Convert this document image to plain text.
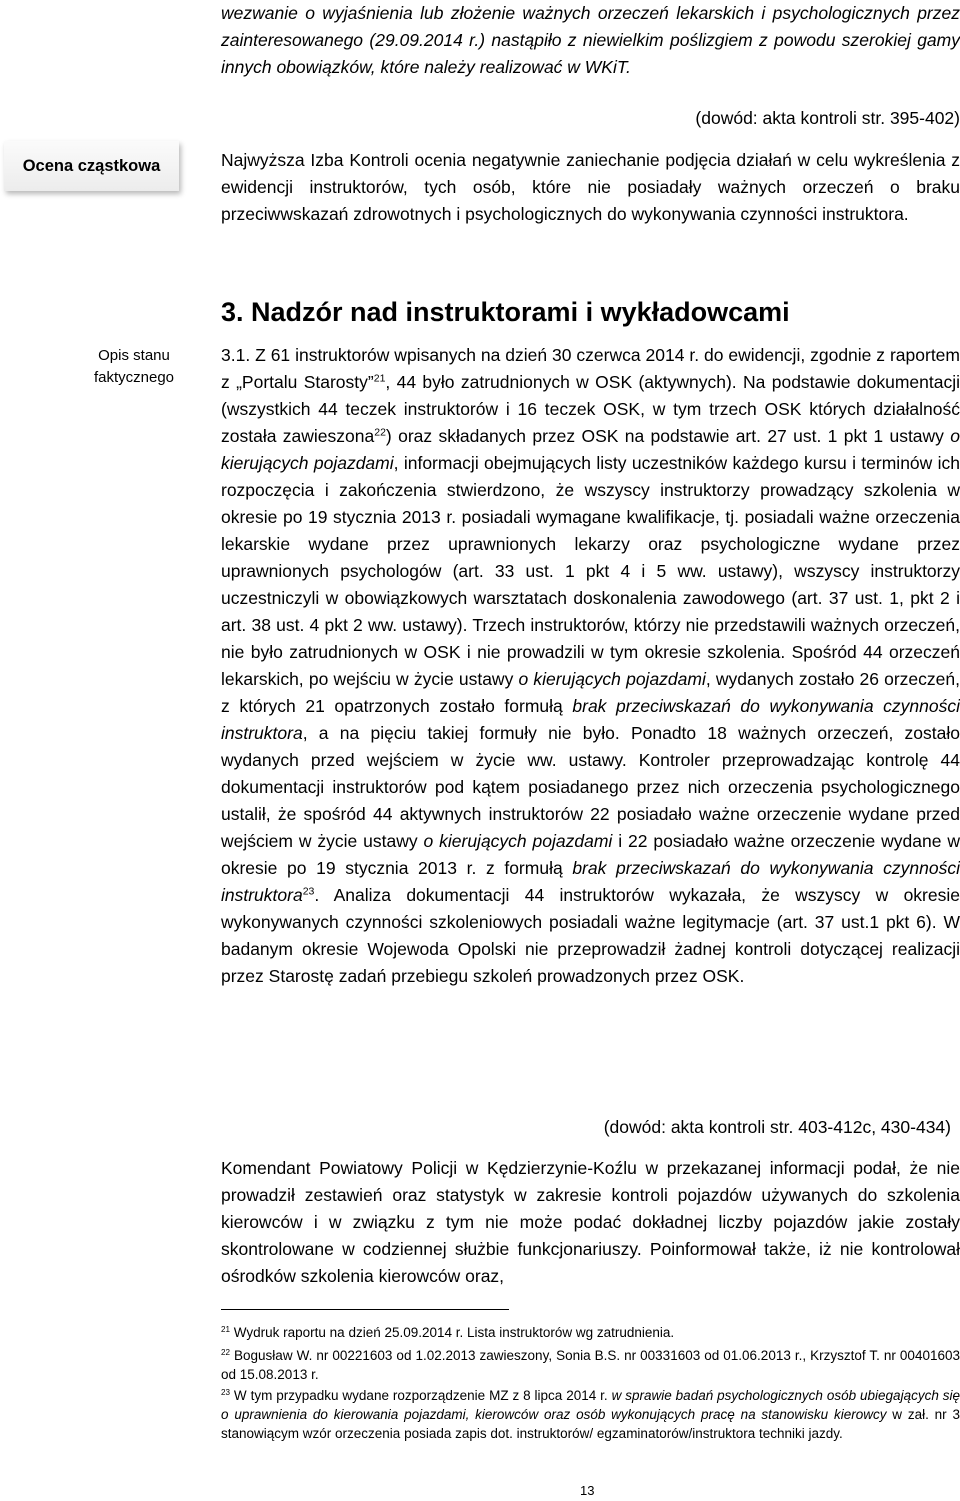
Ocena cząstkowa
Opis stanu faktycznego

wezwanie o wyjaśnienia lub złożenie ważnych orzeczeń lekarskich i psychologicznych przez zainteresowanego (29.09.2014 r.) nastąpiło z niewielkim poślizgiem z powodu szerokiej gamy innych obowiązków, które należy realizować w WKiT.

(dowód: akta kontroli str. 395-402)

Najwyższa Izba Kontroli ocenia negatywnie zaniechanie podjęcia działań w celu wykreślenia z ewidencji instruktorów, tych osób, które nie posiadały ważnych orzeczeń o braku przeciwwskazań zdrowotnych i psychologicznych do wykonywania czynności instruktora.

3. Nadzór nad instruktorami i wykładowcami

3.1. Z 61 instruktorów wpisanych na dzień 30 czerwca 2014 r. do ewidencji, zgodnie z raportem z „Portalu Starosty”$^{21}$, 44 było zatrudnionych w OSK (aktywnych). Na podstawie dokumentacji (wszystkich 44 teczek instruktorów i 16 teczek OSK, w tym trzech OSK których działalność została zawieszona$^{22}$) oraz składanych przez OSK na podstawie art. 27 ust. 1 pkt 1 ustawy o kierujących pojazdami, informacji obejmujących listy uczestników każdego kursu i terminów ich rozpoczęcia i zakończenia stwierdzono, że wszyscy instruktorzy prowadzący szkolenia w okresie po 19 stycznia 2013 r. posiadali wymagane kwalifikacje, tj. posiadali ważne orzeczenia lekarskie wydane przez uprawnionych lekarzy oraz psychologiczne wydane przez uprawnionych psychologów (art. 33 ust. 1 pkt 4 i 5 ww. ustawy), wszyscy instruktorzy uczestniczyli w obowiązkowych warsztatach doskonalenia zawodowego (art. 37 ust. 1, pkt 2 i art. 38 ust. 4 pkt 2 ww. ustawy). Trzech instruktorów, którzy nie przedstawili ważnych orzeczeń, nie było zatrudnionych w OSK i nie prowadzili w tym okresie szkolenia. Spośród 44 orzeczeń lekarskich, po wejściu w życie ustawy o kierujących pojazdami, wydanych zostało 26 orzeczeń, z których 21 opatrzonych zostało formułą brak przeciwskazań do wykonywania czynności instruktora, a na pięciu takiej formuły nie było. Ponadto 18 ważnych orzeczeń, zostało wydanych przed wejściem w życie ww. ustawy. Kontroler przeprowadzając kontrolę 44 dokumentacji instruktorów pod kątem posiadanego przez nich orzeczenia psychologicznego ustalił, że spośród 44 aktywnych instruktorów 22 posiadało ważne orzeczenie wydane przed wejściem w życie ustawy o kierujących pojazdami i 22 posiadało ważne orzeczenie wydane w okresie po 19 stycznia 2013 r. z formułą brak przeciwskazań do wykonywania czynności instruktora$^{23}$. Analiza dokumentacji 44 instruktorów wykazała, że wszyscy w okresie wykonywanych czynności szkoleniowych posiadali ważne legitymacje (art. 37 ust.1 pkt 6). W badanym okresie Wojewoda Opolski nie przeprowadził żadnej kontroli dotyczącej realizacji przez Starostę zadań przebiegu szkoleń prowadzonych przez OSK.

(dowód: akta kontroli str. 403-412c, 430-434)

Komendant Powiatowy Policji w Kędzierzynie-Koźlu w przekazanej informacji podał, że nie prowadził zestawień oraz statystyk w zakresie kontroli pojazdów używanych do szkolenia kierowców i w związku z tym nie może podać dokładnej liczby pojazdów jakie zostały skontrolowane w codziennej służbie funkcjonariuszy. Poinformował także, iż nie kontrolował ośrodków szkolenia kierowców oraz,

$^{21}$ Wydruk raportu na dzień 25.09.2014 r. Lista instruktorów wg zatrudnienia.

$^{22}$ Bogusław W. nr 00221603 od 1.02.2013 zawieszony, Sonia B.S. nr 00331603 od 01.06.2013 r., Krzysztof T. nr 00401603 od 15.08.2013 r.

$^{23}$ W tym przypadku wydane rozporządzenie MZ z 8 lipca 2014 r. w sprawie badań psychologicznych osób ubiegających się o uprawnienia do kierowania pojazdami, kierowców oraz osób wykonujących pracę na stanowisku kierowcy w zał. nr 3 stanowiącym wzór orzeczenia posiada zapis dot. instruktorów/ egzaminatorów/instruktora techniki jazdy.

13
